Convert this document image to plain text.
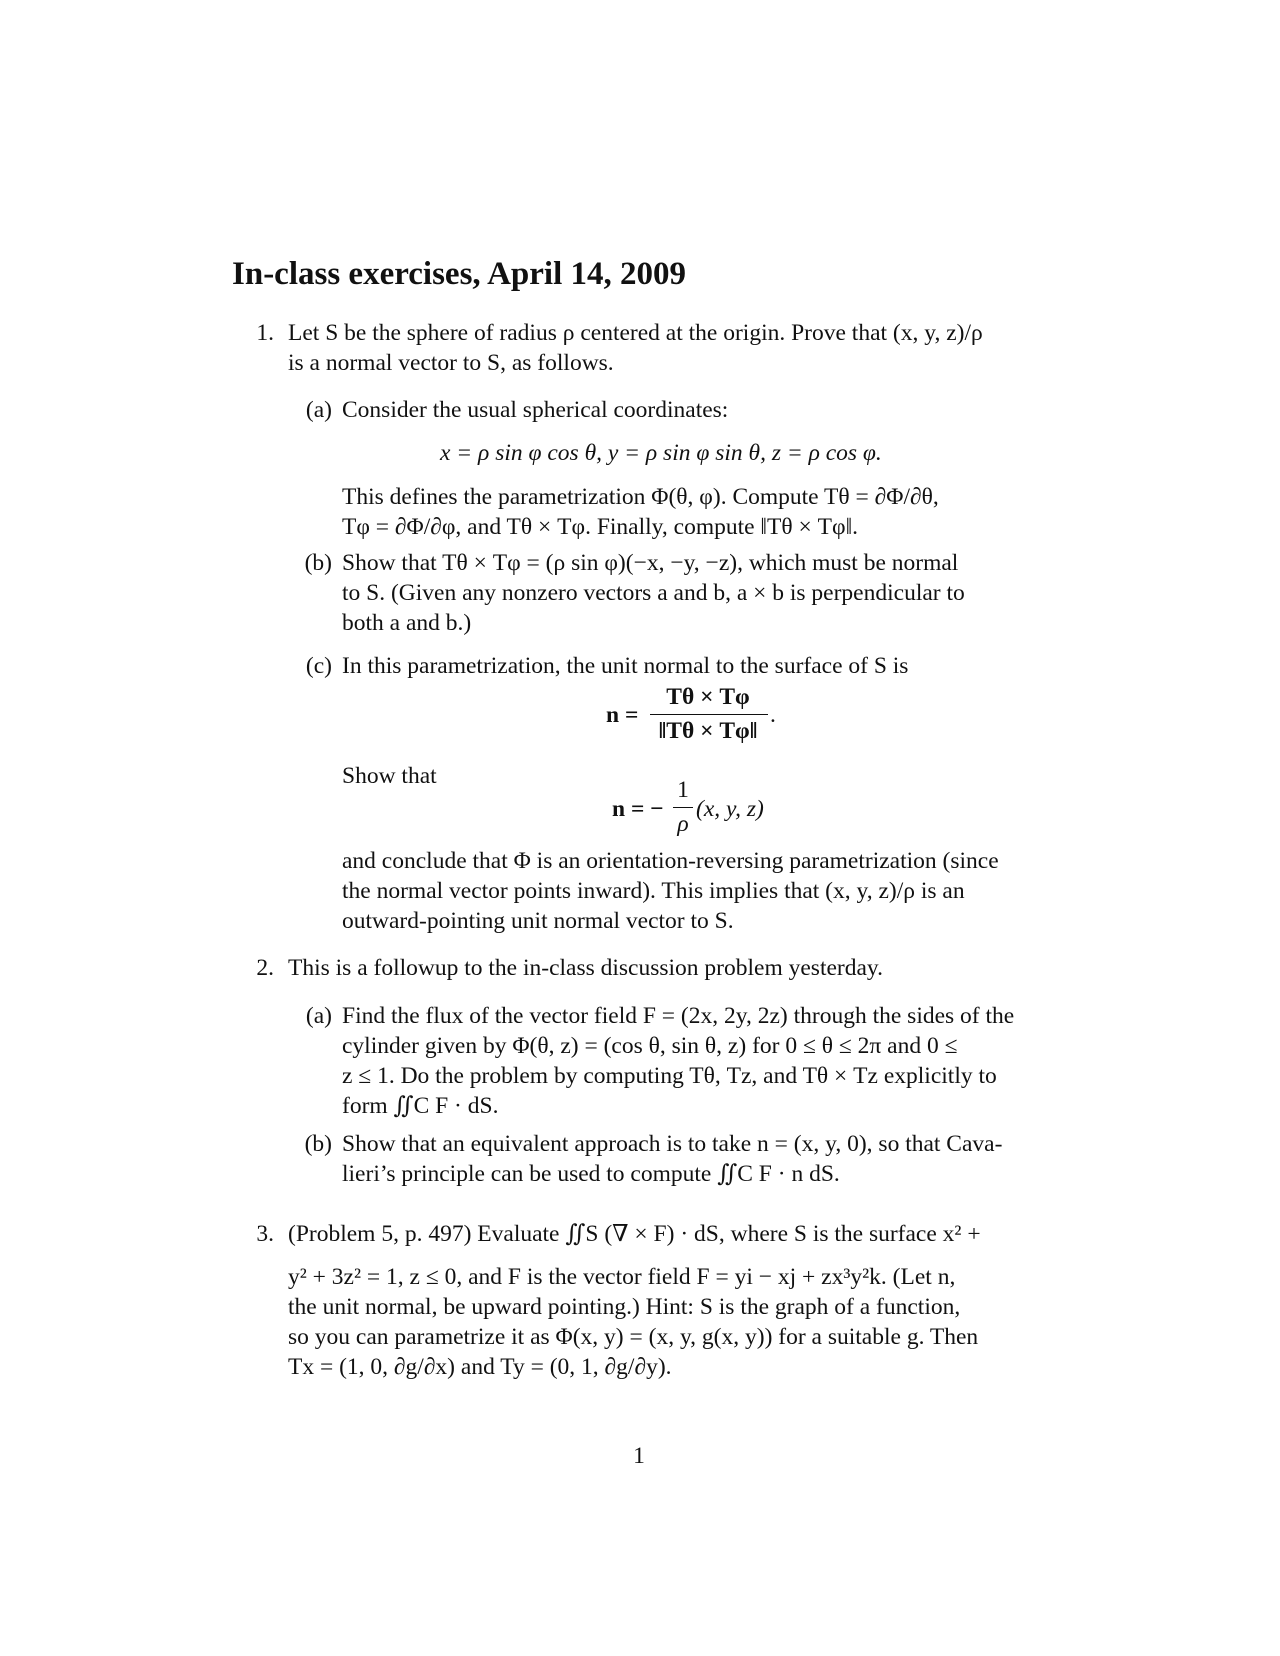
In-class exercises, April 14, 2009
1. Let S be the sphere of radius ρ centered at the origin. Prove that (x, y, z)/ρ
is a normal vector to S, as follows.
(a) Consider the usual spherical coordinates:
x = ρ sin φ cos θ, y = ρ sin φ sin θ, z = ρ cos φ.
This defines the parametrization Φ(θ, φ). Compute Tθ = ∂Φ/∂θ,
Tφ = ∂Φ/∂φ, and Tθ × Tφ. Finally, compute ‖Tθ × Tφ‖.
(b) Show that Tθ × Tφ = (ρ sin φ)(−x, −y, −z), which must be normal
to S. (Given any nonzero vectors a and b, a × b is perpendicular to
both a and b.)
(c) In this parametrization, the unit normal to the surface of S is
n =
Tθ × Tφ
‖Tθ × Tφ‖
.
Show that
n = −
1
ρ
(x, y, z)
and conclude that Φ is an orientation-reversing parametrization (since
the normal vector points inward). This implies that (x, y, z)/ρ is an
outward-pointing unit normal vector to S.
2. This is a followup to the in-class discussion problem yesterday.
(a) Find the flux of the vector field F = (2x, 2y, 2z) through the sides of the
cylinder given by Φ(θ, z) = (cos θ, sin θ, z) for 0 ≤ θ ≤ 2π and 0 ≤
z ≤ 1. Do the problem by computing Tθ, Tz, and Tθ × Tz explicitly to
form ∬C F · dS.
(b) Show that an equivalent approach is to take n = (x, y, 0), so that Cava-
lieri’s principle can be used to compute ∬C F · n dS.
3. (Problem 5, p. 497) Evaluate ∬S (∇ × F) · dS, where S is the surface x² +
y² + 3z² = 1, z ≤ 0, and F is the vector field F = yi − xj + zx³y²k. (Let n,
the unit normal, be upward pointing.) Hint: S is the graph of a function,
so you can parametrize it as Φ(x, y) = (x, y, g(x, y)) for a suitable g. Then
Tx = (1, 0, ∂g/∂x) and Ty = (0, 1, ∂g/∂y).
1
